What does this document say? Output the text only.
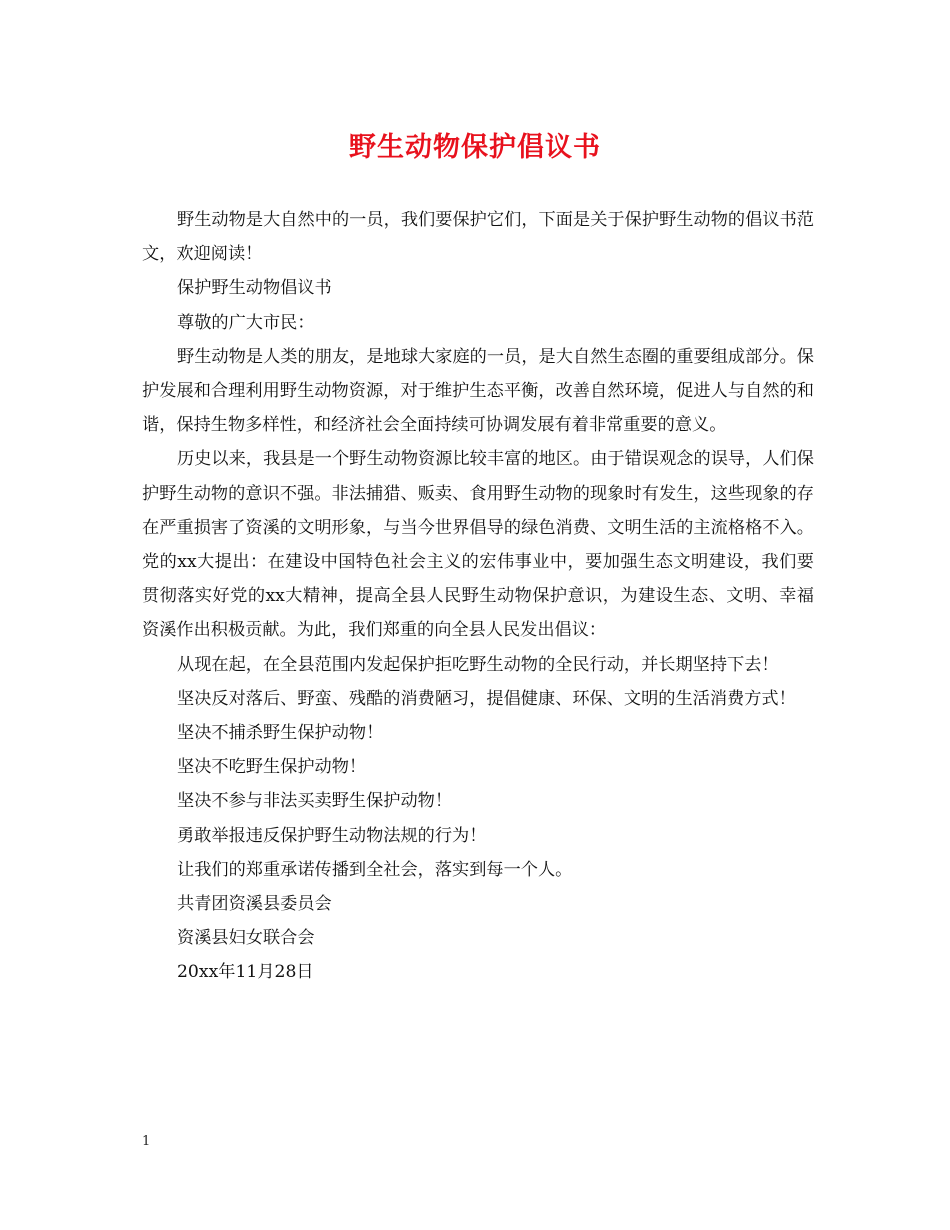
野生动物保护倡议书

野生动物是大自然中的一员，我们要保护它们，下面是关于保护野生动物的倡议书范文，欢迎阅读！

保护野生动物倡议书

尊敬的广大市民：

野生动物是人类的朋友，是地球大家庭的一员，是大自然生态圈的重要组成部分。保护发展和合理利用野生动物资源，对于维护生态平衡，改善自然环境，促进人与自然的和谐，保持生物多样性，和经济社会全面持续可协调发展有着非常重要的意义。

历史以来，我县是一个野生动物资源比较丰富的地区。由于错误观念的误导，人们保护野生动物的意识不强。非法捕猎、贩卖、食用野生动物的现象时有发生，这些现象的存在严重损害了资溪的文明形象，与当今世界倡导的绿色消费、文明生活的主流格格不入。党的xx大提出：在建设中国特色社会主义的宏伟事业中，要加强生态文明建设，我们要贯彻落实好党的xx大精神，提高全县人民野生动物保护意识，为建设生态、文明、幸福资溪作出积极贡献。为此，我们郑重的向全县人民发出倡议：

从现在起，在全县范围内发起保护拒吃野生动物的全民行动，并长期坚持下去！

坚决反对落后、野蛮、残酷的消费陋习，提倡健康、环保、文明的生活消费方式！

坚决不捕杀野生保护动物！

坚决不吃野生保护动物！

坚决不参与非法买卖野生保护动物！

勇敢举报违反保护野生动物法规的行为！

让我们的郑重承诺传播到全社会，落实到每一个人。

共青团资溪县委员会

资溪县妇女联合会

20xx年11月28日

1
